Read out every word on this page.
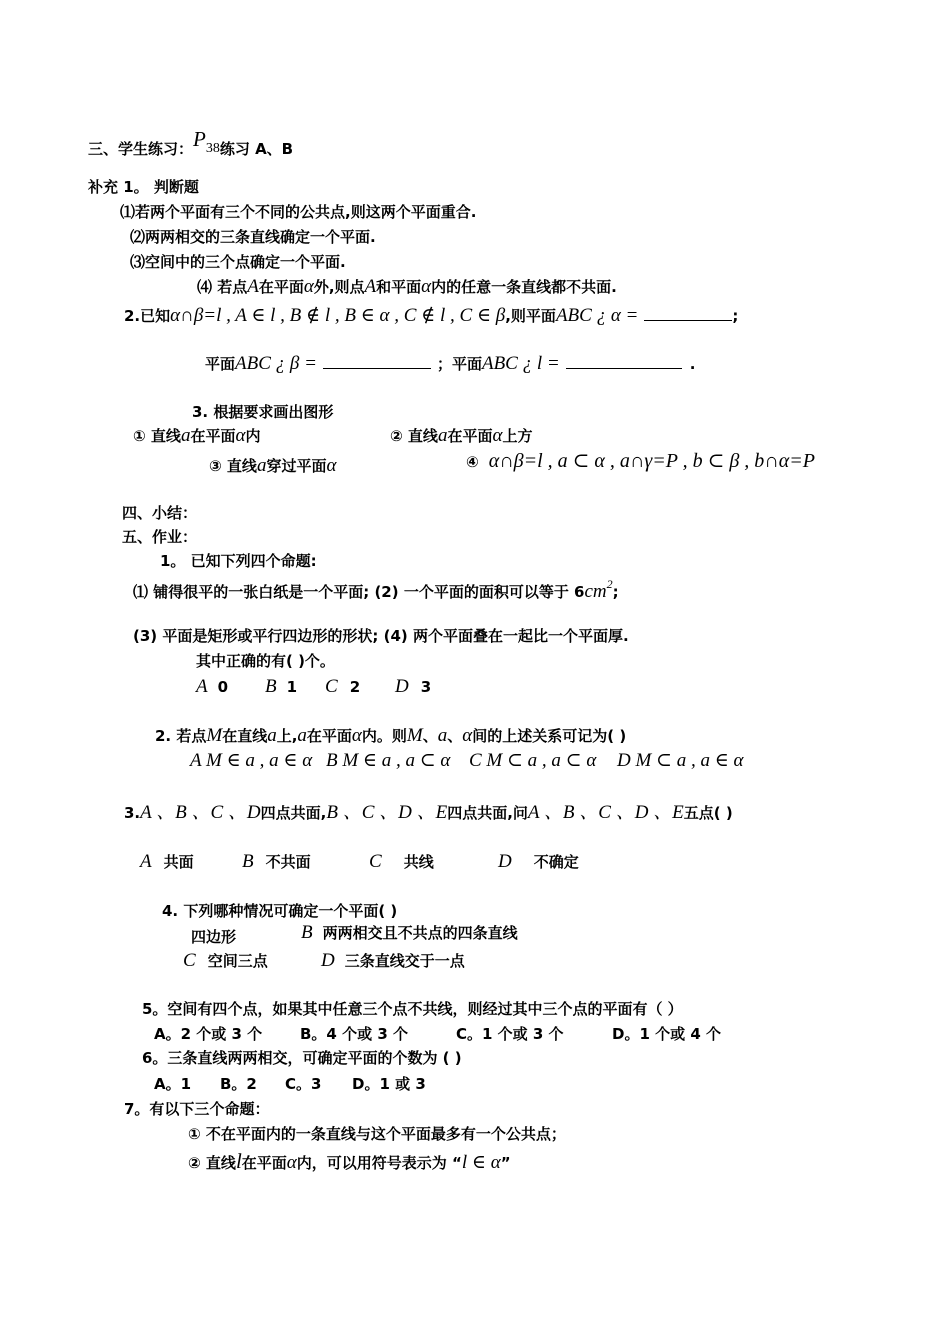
三、学生练习：P38练习 A、B
补充 1。 判断题
⑴若两个平面有三个不同的公共点,则这两个平面重合.
⑵两两相交的三条直线确定一个平面.
⑶空间中的三个点确定一个平面.
⑷ 若点A在平面α外,则点A和平面α内的任意一条直线都不共面.
2.已知α∩β=l , A ∈ l , B ∉ l , B ∈ α , C ∉ l , C ∈ β,则平面ABC ¿ α =	;
平面ABC ¿ β =	；平面ABC ¿ l =	.
3. 根据要求画出图形
① 直线a在平面α内	② 直线a在平面α上方
③ 直线a穿过平面α	④ α∩β=l , a ⊂ α , a∩γ=P , b ⊂ β , b∩α=P
四、小结：
五、作业：
1。 已知下列四个命题:
⑴ 铺得很平的一张白纸是一个平面; (2) 一个平面的面积可以等于 $6cm^2$;
(3) 平面是矩形或平行四边形的形状; (4) 两个平面叠在一起比一个平面厚.
其中正确的有( )个。
A 0 B 1 C 2 D 3
2. 若点M在直线a上,a在平面α内。则M、a、α间的上述关系可记为( )
A M ∈ a , a ∈ α B M ∈ a , a ⊂ α C M ⊂ a , a ⊂ α D M ⊂ a , a ∈ α
3.A 、B 、C 、D四点共面,B 、C 、D 、E四点共面,问A 、B 、C 、D 、E五点( )
A 共面	B 不共面	C 共线	D 不确定
4. 下列哪种情况可确定一个平面( )
四边形	B 两两相交且不共点的四条直线
C 空间三点	D 三条直线交于一点
5。空间有四个点，如果其中任意三个点不共线，则经过其中三个点的平面有（ ）
A。2 个或 3 个	B。4 个或 3 个	C。1 个或 3 个	D。1 个或 4 个
6。三条直线两两相交，可确定平面的个数为 ( )
A。1 B。2 C。3 D。1 或 3
7。有以下三个命题：
① 不在平面内的一条直线与这个平面最多有一个公共点；
② 直线l在平面α内，可以用符号表示为 “l ∈ α”
